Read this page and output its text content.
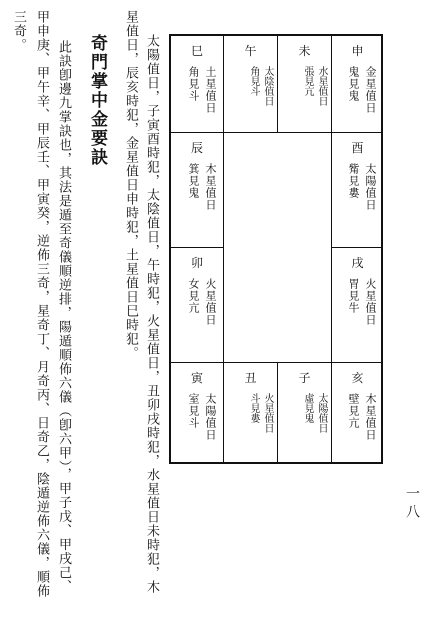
一八
申
金星值日
鬼見鬼
未
水星值日
張見亢
午
太陰值日
角見斗
巳
土星值日
角見斗
酉
太陽值日
觜見婁
辰
木星值日
箕見鬼
戌
火星值日
胃見牛
卯
火星值日
女見亢
亥
木星值日
壁見亢
子
太陽值日
虛見鬼
丑
火星值日
斗見婁
寅
太陽值日
室見斗
太陽值日，子寅酉時犯，太陰值日，午時犯，火星值日，丑卯戌時犯，水星值日未時犯，木
星值日，辰亥時犯，金星值日申時犯，土星值日巳時犯。
奇門掌中金要訣
此訣卽邊九掌訣也，其法是遁至奇儀順逆排，陽遁順佈六儀（卽六甲），甲子戊、甲戌己、
甲申庚、甲午辛、甲辰壬、甲寅癸，逆佈三奇，星奇丁、月奇丙、日奇乙，陰遁逆佈六儀，順佈
三奇。
